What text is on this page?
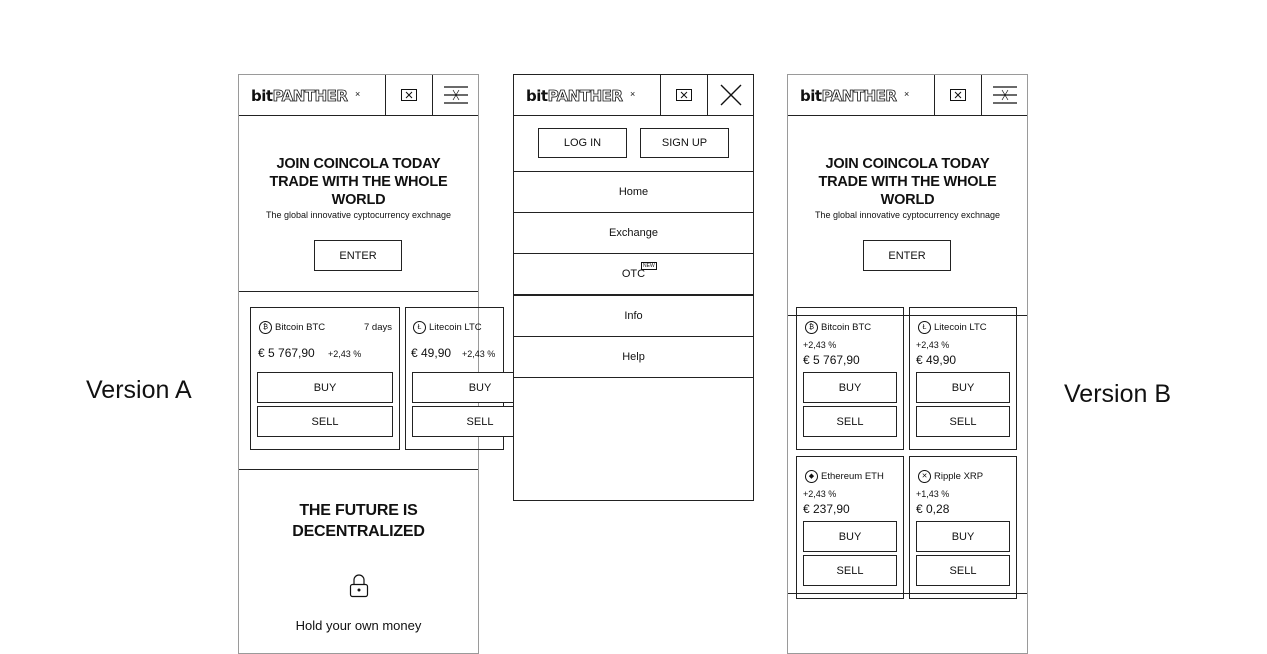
Version A	Version B
bitPANTHER ×
JOIN COINCOLA TODAY TRADE WITH THE WHOLE WORLD
The global innovative cyptocurrency exchnage
ENTER
THE FUTURE IS DECENTRALIZED
Hold your own money
₿ Bitcoin BTC	7 days
€ 5 767,90 +2,43 %
BUY
SELL
Ł Litecoin LTC
€ 49,90 +2,43 %
BUY
SELL
bitPANTHER ×
LOG IN	SIGN UP
Home
Exchange
OTC
NEW
Info
Help
bitPANTHER ×
JOIN COINCOLA TODAY TRADE WITH THE WHOLE WORLD
The global innovative cyptocurrency exchnage
ENTER
₿ Bitcoin BTC
+2,43 %
€ 5 767,90
BUY
SELL
Ł Litecoin LTC
+2,43 %
€ 49,90
BUY
SELL
◆ Ethereum ETH
+2,43 %
€ 237,90
BUY
SELL
✕ Ripple XRP
+1,43 %
€ 0,28
BUY
SELL
